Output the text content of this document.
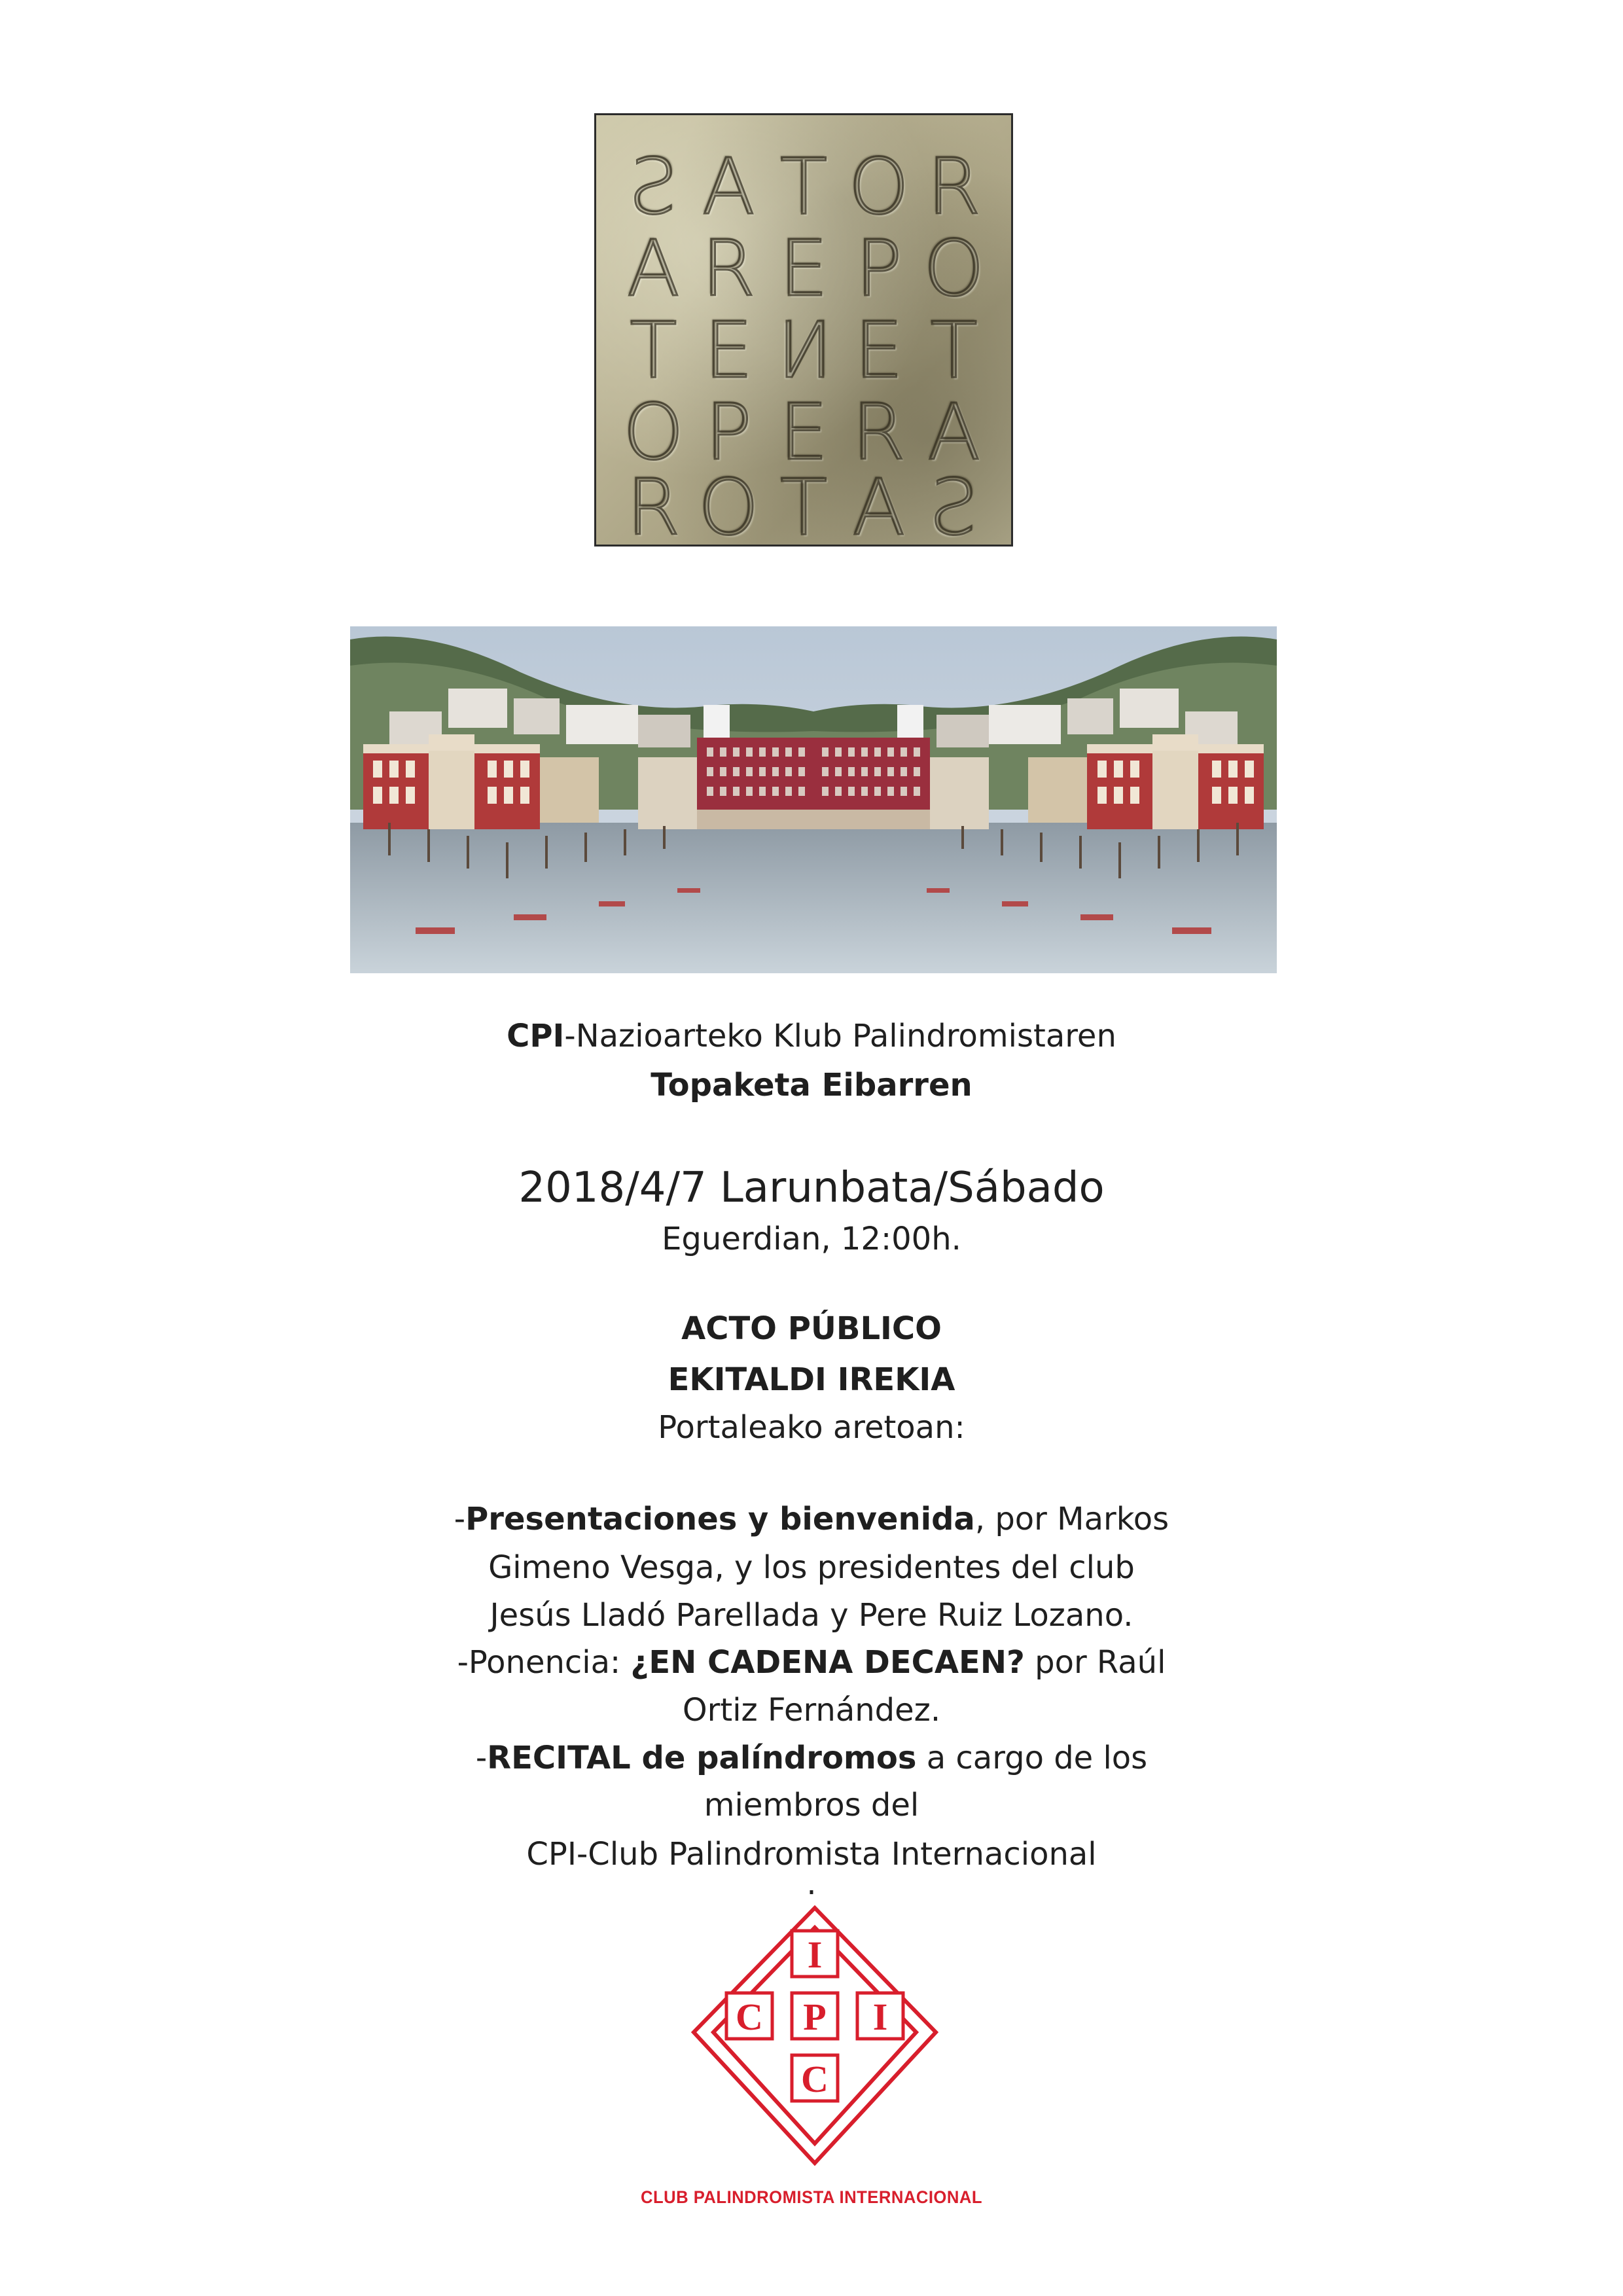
S A T O R
A R E P O
T E N E T
O P E R A
R O T A S
CPI-Nazioarteko Klub Palindromistaren
Topaketa Eibarren
2018/4/7 Larunbata/Sábado
Eguerdian, 12:00h.
ACTO PÚBLICO
EKITALDI IREKIA
Portaleako aretoan:
-Presentaciones y bienvenida, por Markos
Gimeno Vesga, y los presidentes del club
Jesús Lladó Parellada y Pere Ruiz Lozano.
-Ponencia: ¿EN CADENA DECAEN? por Raúl
Ortiz Fernández.
-RECITAL de palíndromos a cargo de los
miembros del
CPI-Club Palindromista Internacional
.
I
C P I
C
CLUB PALINDROMISTA INTERNACIONAL
